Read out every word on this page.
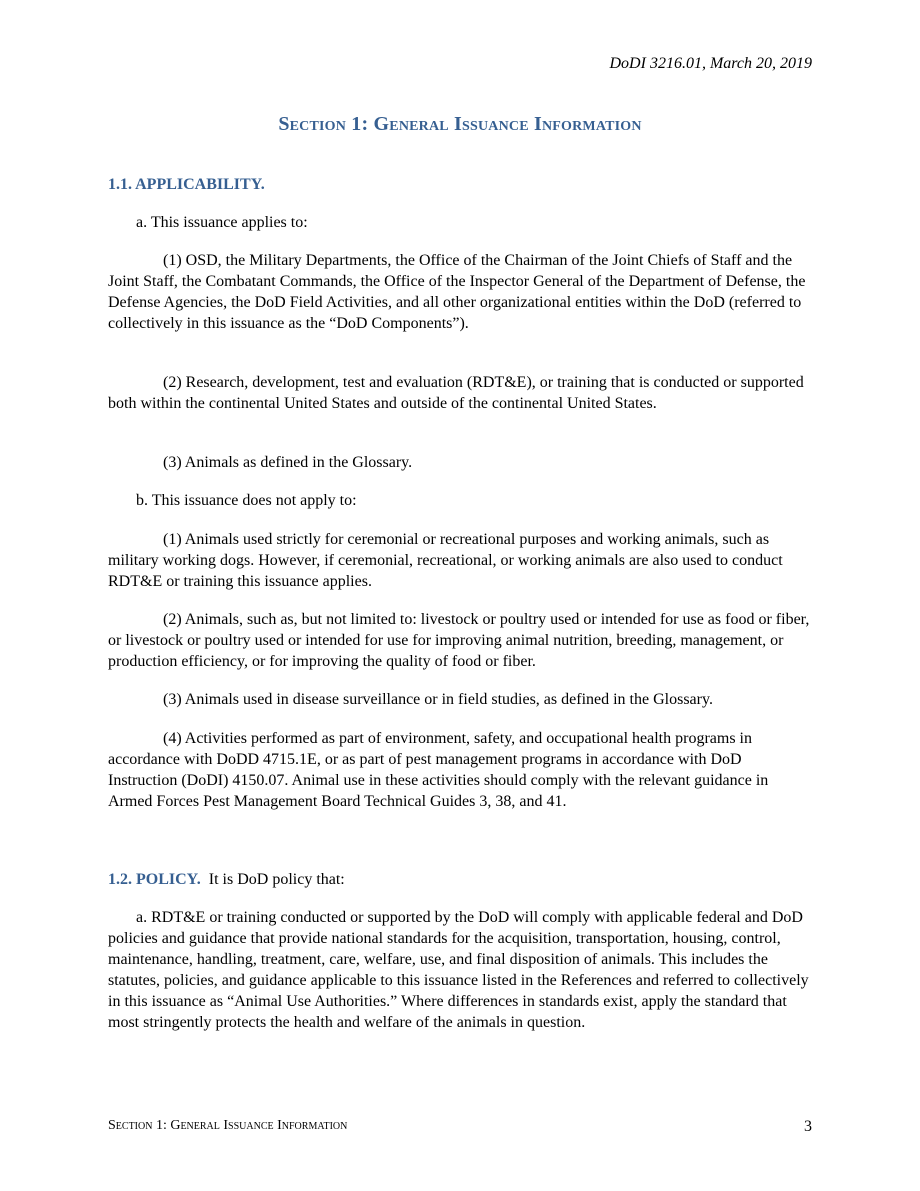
DoDI 3216.01, March 20, 2019
Section 1: General Issuance Information

1.1. APPLICABILITY.

a. This issuance applies to:

(1) OSD, the Military Departments, the Office of the Chairman of the Joint Chiefs of Staff and the Joint Staff, the Combatant Commands, the Office of the Inspector General of the Department of Defense, the Defense Agencies, the DoD Field Activities, and all other organizational entities within the DoD (referred to collectively in this issuance as the “DoD Components”).

(2) Research, development, test and evaluation (RDT&E), or training that is conducted or supported both within the continental United States and outside of the continental United States.

(3) Animals as defined in the Glossary.

b. This issuance does not apply to:

(1) Animals used strictly for ceremonial or recreational purposes and working animals, such as military working dogs. However, if ceremonial, recreational, or working animals are also used to conduct RDT&E or training this issuance applies.

(2) Animals, such as, but not limited to: livestock or poultry used or intended for use as food or fiber, or livestock or poultry used or intended for use for improving animal nutrition, breeding, management, or production efficiency, or for improving the quality of food or fiber.

(3) Animals used in disease surveillance or in field studies, as defined in the Glossary.

(4) Activities performed as part of environment, safety, and occupational health programs in accordance with DoDD 4715.1E, or as part of pest management programs in accordance with DoD Instruction (DoDI) 4150.07. Animal use in these activities should comply with the relevant guidance in Armed Forces Pest Management Board Technical Guides 3, 38, and 41.

1.2. POLICY. It is DoD policy that:

a. RDT&E or training conducted or supported by the DoD will comply with applicable federal and DoD policies and guidance that provide national standards for the acquisition, transportation, housing, control, maintenance, handling, treatment, care, welfare, use, and final disposition of animals. This includes the statutes, policies, and guidance applicable to this issuance listed in the References and referred to collectively in this issuance as “Animal Use Authorities.” Where differences in standards exist, apply the standard that most stringently protects the health and welfare of the animals in question.

Section 1: General Issuance Information	3
